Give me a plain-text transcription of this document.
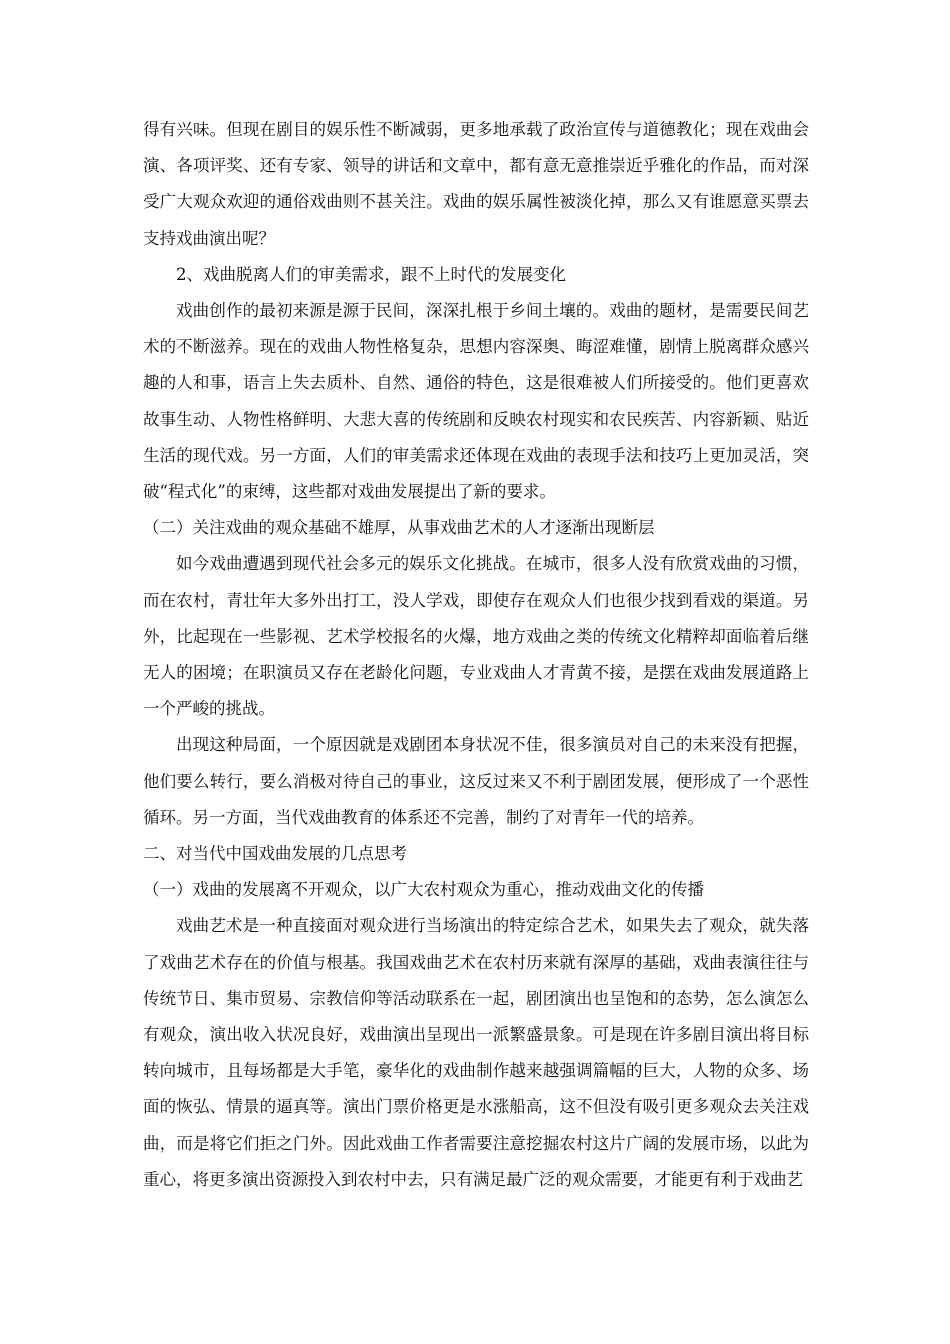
得有兴味。但现在剧目的娱乐性不断减弱，更多地承载了政治宣传与道德教化；现在戏曲会演、各项评奖、还有专家、领导的讲话和文章中，都有意无意推崇近乎雅化的作品，而对深受广大观众欢迎的通俗戏曲则不甚关注。戏曲的娱乐属性被淡化掉，那么又有谁愿意买票去支持戏曲演出呢？

2、戏曲脱离人们的审美需求，跟不上时代的发展变化

戏曲创作的最初来源是源于民间，深深扎根于乡间土壤的。戏曲的题材，是需要民间艺术的不断滋养。现在的戏曲人物性格复杂，思想内容深奥、晦涩难懂，剧情上脱离群众感兴趣的人和事，语言上失去质朴、自然、通俗的特色，这是很难被人们所接受的。他们更喜欢故事生动、人物性格鲜明、大悲大喜的传统剧和反映农村现实和农民疾苦、内容新颖、贴近生活的现代戏。另一方面，人们的审美需求还体现在戏曲的表现手法和技巧上更加灵活，突破“程式化”的束缚，这些都对戏曲发展提出了新的要求。

（二）关注戏曲的观众基础不雄厚，从事戏曲艺术的人才逐渐出现断层

如今戏曲遭遇到现代社会多元的娱乐文化挑战。在城市，很多人没有欣赏戏曲的习惯，而在农村，青壮年大多外出打工，没人学戏，即使存在观众人们也很少找到看戏的渠道。另外，比起现在一些影视、艺术学校报名的火爆，地方戏曲之类的传统文化精粹却面临着后继无人的困境；在职演员又存在老龄化问题，专业戏曲人才青黄不接，是摆在戏曲发展道路上一个严峻的挑战。

出现这种局面，一个原因就是戏剧团本身状况不佳，很多演员对自己的未来没有把握，他们要么转行，要么消极对待自己的事业，这反过来又不利于剧团发展，便形成了一个恶性循环。另一方面，当代戏曲教育的体系还不完善，制约了对青年一代的培养。

二、对当代中国戏曲发展的几点思考

（一）戏曲的发展离不开观众，以广大农村观众为重心，推动戏曲文化的传播

戏曲艺术是一种直接面对观众进行当场演出的特定综合艺术，如果失去了观众，就失落了戏曲艺术存在的价值与根基。我国戏曲艺术在农村历来就有深厚的基础，戏曲表演往往与传统节日、集市贸易、宗教信仰等活动联系在一起，剧团演出也呈饱和的态势，怎么演怎么有观众，演出收入状况良好，戏曲演出呈现出一派繁盛景象。可是现在许多剧目演出将目标转向城市，且每场都是大手笔，豪华化的戏曲制作越来越强调篇幅的巨大，人物的众多、场面的恢弘、情景的逼真等。演出门票价格更是水涨船高，这不但没有吸引更多观众去关注戏曲，而是将它们拒之门外。因此戏曲工作者需要注意挖掘农村这片广阔的发展市场，以此为重心，将更多演出资源投入到农村中去，只有满足最广泛的观众需要，才能更有利于戏曲艺
